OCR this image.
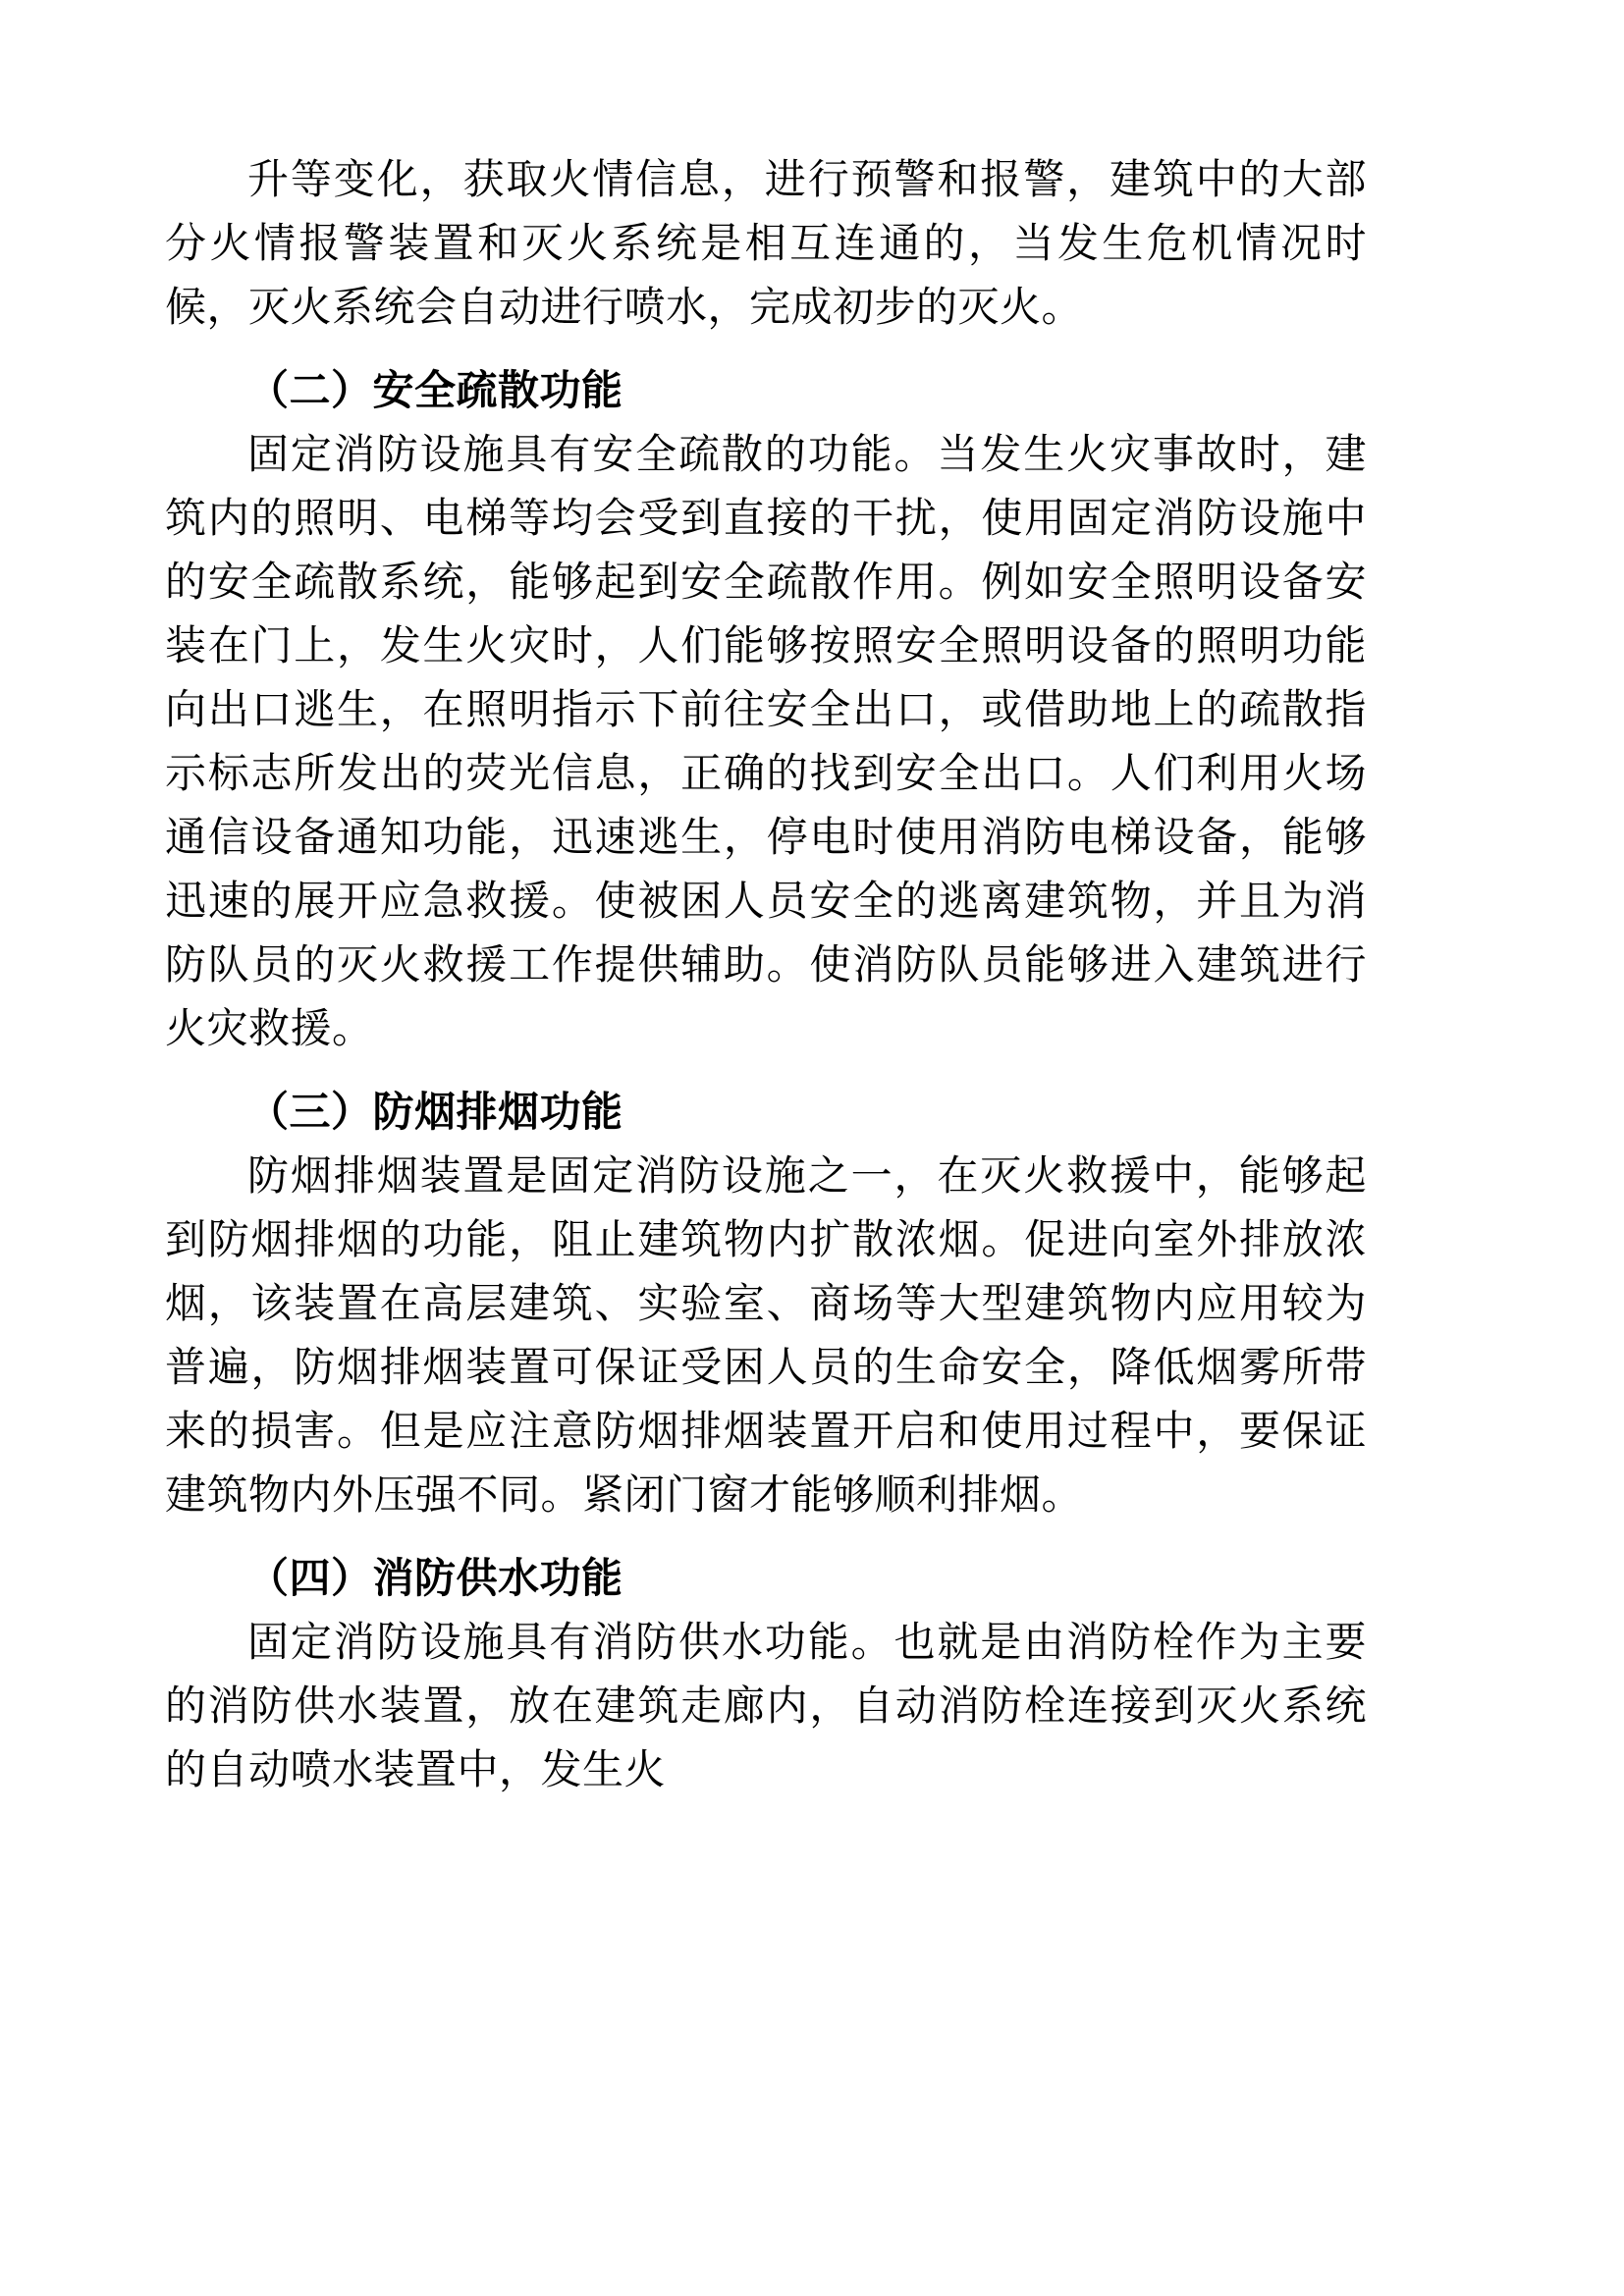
升等变化，获取火情信息，进行预警和报警，建筑中的大部分火情报警装置和灭火系统是相互连通的，当发生危机情况时候，灭火系统会自动进行喷水，完成初步的灭火。

（二）安全疏散功能

固定消防设施具有安全疏散的功能。当发生火灾事故时，建筑内的照明、电梯等均会受到直接的干扰，使用固定消防设施中的安全疏散系统，能够起到安全疏散作用。例如安全照明设备安装在门上，发生火灾时，人们能够按照安全照明设备的照明功能向出口逃生，在照明指示下前往安全出口，或借助地上的疏散指示标志所发出的荧光信息，正确的找到安全出口。人们利用火场通信设备通知功能，迅速逃生，停电时使用消防电梯设备，能够迅速的展开应急救援。使被困人员安全的逃离建筑物，并且为消防队员的灭火救援工作提供辅助。使消防队员能够进入建筑进行火灾救援。

（三）防烟排烟功能

防烟排烟装置是固定消防设施之一，在灭火救援中，能够起到防烟排烟的功能，阻止建筑物内扩散浓烟。促进向室外排放浓烟，该装置在高层建筑、实验室、商场等大型建筑物内应用较为普遍，防烟排烟装置可保证受困人员的生命安全，降低烟雾所带来的损害。但是应注意防烟排烟装置开启和使用过程中，要保证建筑物内外压强不同。紧闭门窗才能够顺利排烟。

（四）消防供水功能

固定消防设施具有消防供水功能。也就是由消防栓作为主要的消防供水装置，放在建筑走廊内，自动消防栓连接到灭火系统的自动喷水装置中，发生火
